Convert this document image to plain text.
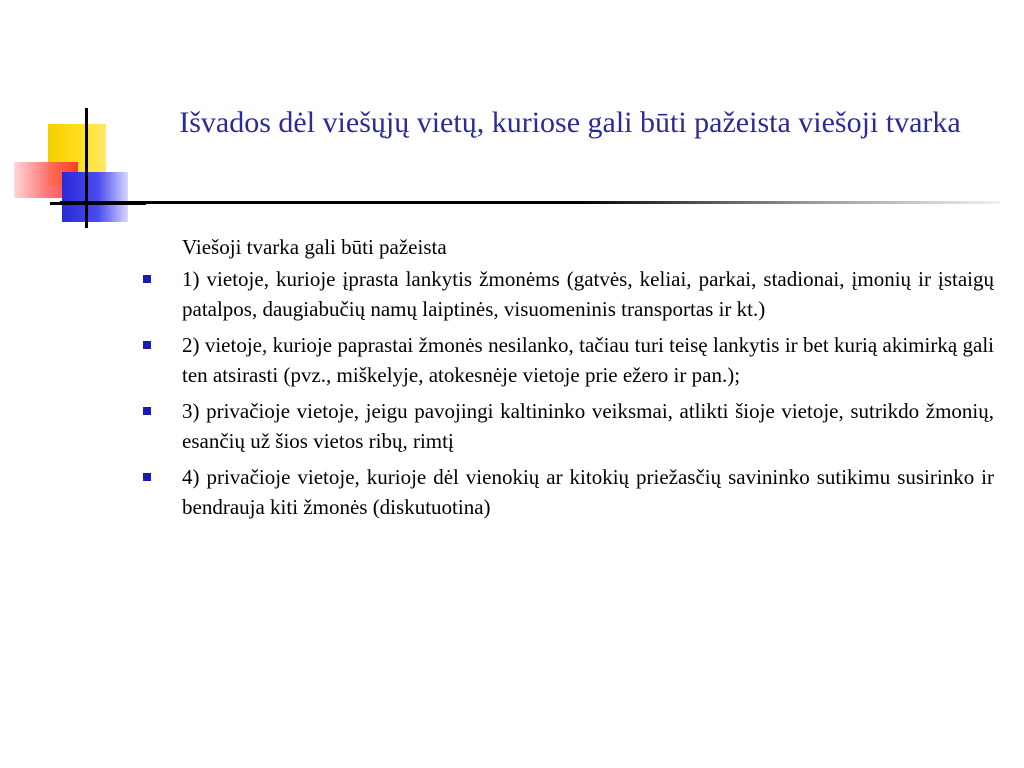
Išvados dėl viešųjų vietų, kuriose gali būti pažeista viešoji tvarka

Viešoji tvarka gali būti pažeista

1) vietoje, kurioje įprasta lankytis žmonėms (gatvės, keliai, parkai, stadionai, įmonių ir įstaigų patalpos, daugiabučių namų laiptinės, visuomeninis transportas ir kt.)
2) vietoje, kurioje paprastai žmonės nesilanko, tačiau turi teisę lankytis ir bet kurią akimirką gali ten atsirasti (pvz., miškelyje, atokesnėje vietoje prie ežero ir pan.);
3) privačioje vietoje, jeigu pavojingi kaltininko veiksmai, atlikti šioje vietoje, sutrikdo žmonių, esančių už šios vietos ribų, rimtį
4) privačioje vietoje, kurioje dėl vienokių ar kitokių priežasčių savininko sutikimu susirinko ir bendrauja kiti žmonės (diskutuotina)
